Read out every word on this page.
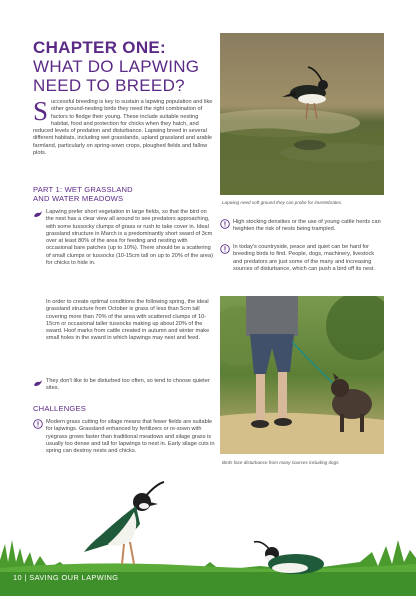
CHAPTER ONE:
WHAT DO LAPWING
NEED TO BREED?
Successful breeding is key to sustain a lapwing population and like other ground-nesting birds they need the right combination of factors to fledge their young. These include suitable nesting habitat, food and protection for chicks when they hatch, and reduced levels of predation and disturbance. Lapwing breed in several different habitats, including wet grasslands, upland grassland and arable farmland, particularly on spring-sown crops, ploughed fields and fallow plots.
PART 1: WET GRASSLAND
AND WATER MEADOWS
Lapwing prefer short vegetation in large fields, so that the bird on the nest has a clear view all around to see predators approaching, with some tussocky clumps of grass or rush to take cover in. Ideal grassland structure in March is a predominantly short sward of 3cm over at least 80% of the area for feeding and nesting with occasional bare patches (up to 10%). There should be a scattering of small clumps or tussocks (10-15cm tall on up to 20% of the area) for chicks to hide in.
In order to create optimal conditions the following spring, the ideal grassland structure from October is grass of less than 5cm tall covering more than 70% of the area with scattered clumps of 10-15cm or occasional taller tussocks making up about 20% of the sward. Hoof marks from cattle created in autumn and winter make small holes in the sward in which lapwings may nest and feed.
They don't like to be disturbed too often, so tend to choose quieter sites.
CHALLENGES
Modern grass cutting for silage means that fewer fields are suitable for lapwings. Grassland enhanced by fertilizers or re-sown with ryegrass grows faster than traditional meadows and silage grass is usually too dense and tall for lapwings to nest in. Early silage cuts in spring can destroy nests and chicks.
Lapwing need soft ground they can probe for invertebrates.
High stocking densities or the use of young cattle herds can heighten the risk of nests being trampled.
In today's countryside, peace and quiet can be hard for breeding birds to find. People, dogs, machinery, livestock and predators are just some of the many and increasing sources of disturbance, which can push a bird off its nest.
Birds face disturbance from many sources including dogs.
10 | SAVING OUR LAPWING
